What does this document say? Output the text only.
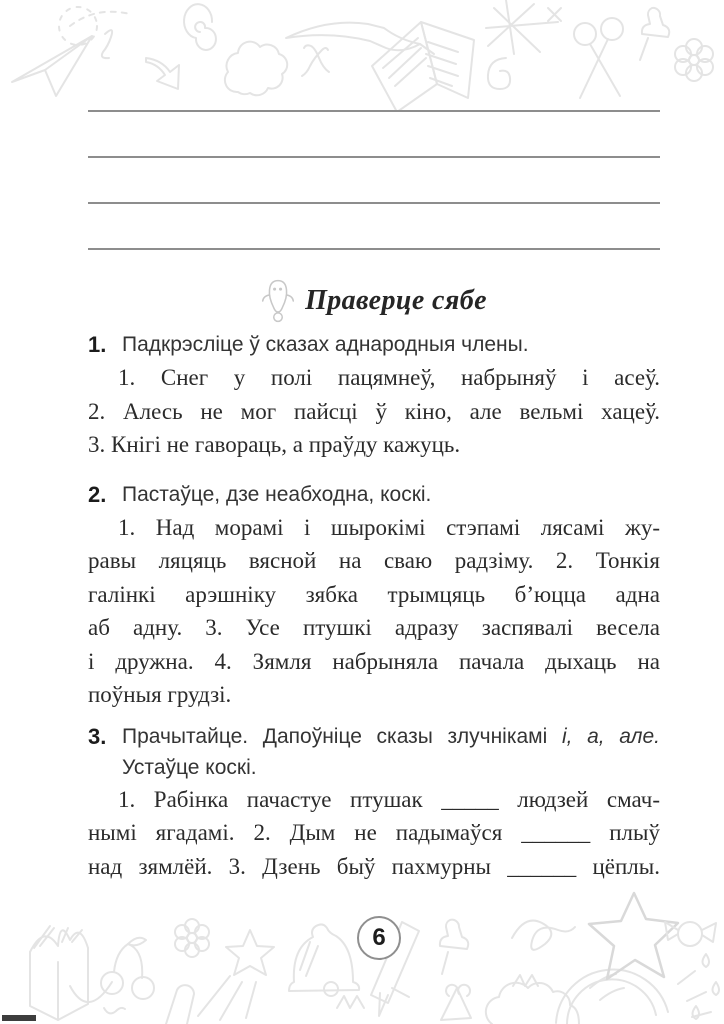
Праверце сябе
1. Падкрэсліце ў сказах аднародныя члены.
1. Снег у полі пацямнеў, набрыняў і асеў.
2. Алесь не мог пайсці ў кіно, але вельмі хацеў.
3. Кнігі не гавораць, а праўду кажуць.
2. Пастаўце, дзе неабходна, коскі.
1. Над морамі і шырокімі стэпамі лясамі жу-
равы ляцяць вясной на сваю радзіму. 2. Тонкія
галінкі арэшніку зябка трымцяць б’юцца адна
аб адну. 3. Усе птушкі адразу заспявалі весела
і дружна. 4. Зямля набрыняла пачала дыхаць на
поўныя грудзі.
3. Прачытайце. Дапоўніце сказы злучнікамі і, а, але.
Устаўце коскі.
1. Рабінка пачастуе птушак _____ людзей смач-
нымі ягадамі. 2. Дым не падымаўся ______ плыў
над зямлёй. 3. Дзень быў пахмурны ______ цёплы.
6
